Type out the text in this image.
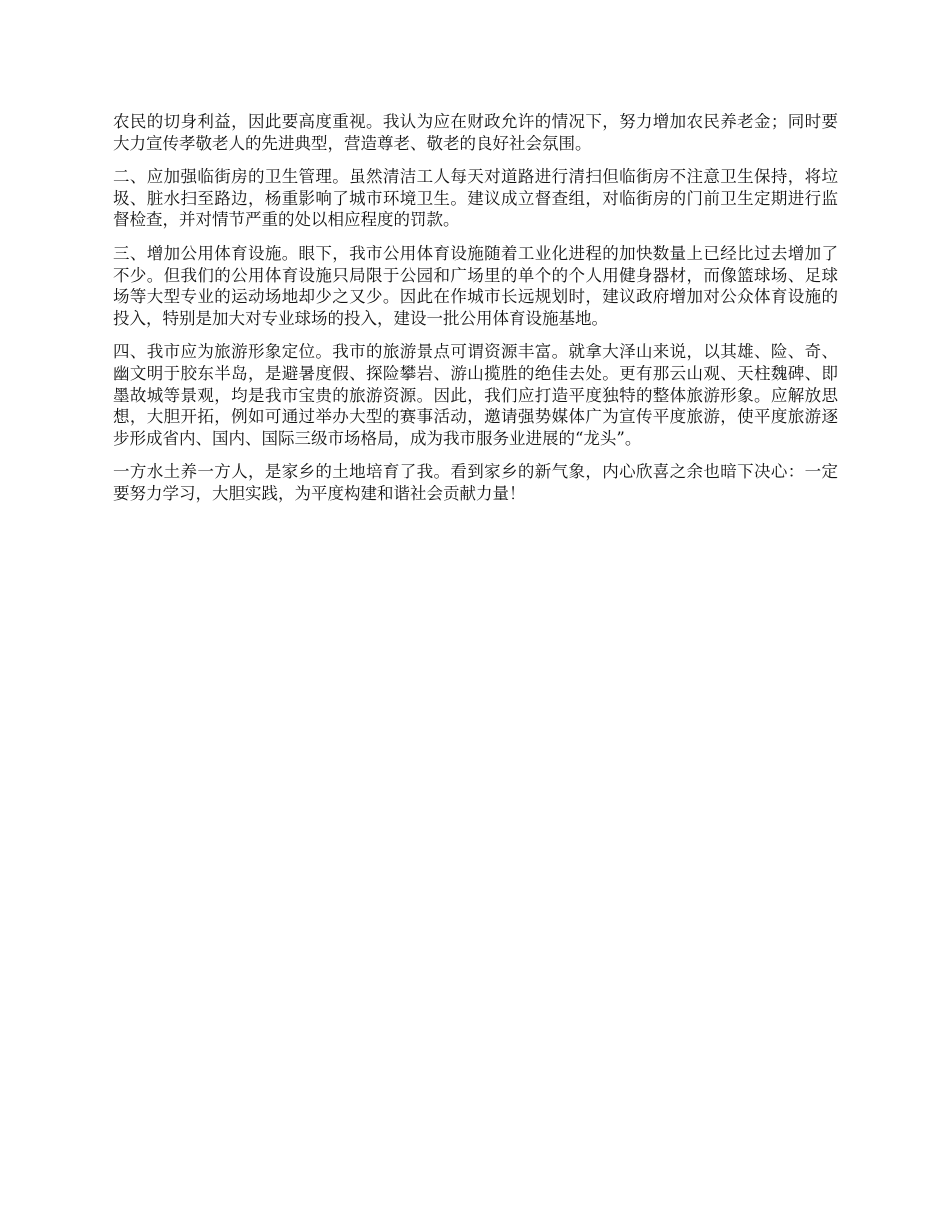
农民的切身利益，因此要高度重视。我认为应在财政允许的情况下，努力增加农民养老金；同时要大力宣传孝敬老人的先进典型，营造尊老、敬老的良好社会氛围。

二、应加强临街房的卫生管理。虽然清洁工人每天对道路进行清扫但临街房不注意卫生保持，将垃圾、脏水扫至路边，杨重影响了城市环境卫生。建议成立督查组，对临街房的门前卫生定期进行监督检查，并对情节严重的处以相应程度的罚款。

三、增加公用体育设施。眼下，我市公用体育设施随着工业化进程的加快数量上已经比过去增加了不少。但我们的公用体育设施只局限于公园和广场里的单个的个人用健身器材，而像篮球场、足球场等大型专业的运动场地却少之又少。因此在作城市长远规划时，建议政府增加对公众体育设施的投入，特别是加大对专业球场的投入，建设一批公用体育设施基地。

四、我市应为旅游形象定位。我市的旅游景点可谓资源丰富。就拿大泽山来说，以其雄、险、奇、幽文明于胶东半岛，是避暑度假、探险攀岩、游山揽胜的绝佳去处。更有那云山观、天柱魏碑、即墨故城等景观，均是我市宝贵的旅游资源。因此，我们应打造平度独特的整体旅游形象。应解放思想，大胆开拓，例如可通过举办大型的赛事活动，邀请强势媒体广为宣传平度旅游，使平度旅游逐步形成省内、国内、国际三级市场格局，成为我市服务业进展的“龙头”。

一方水土养一方人，是家乡的土地培育了我。看到家乡的新气象，内心欣喜之余也暗下决心：一定要努力学习，大胆实践，为平度构建和谐社会贡献力量！
